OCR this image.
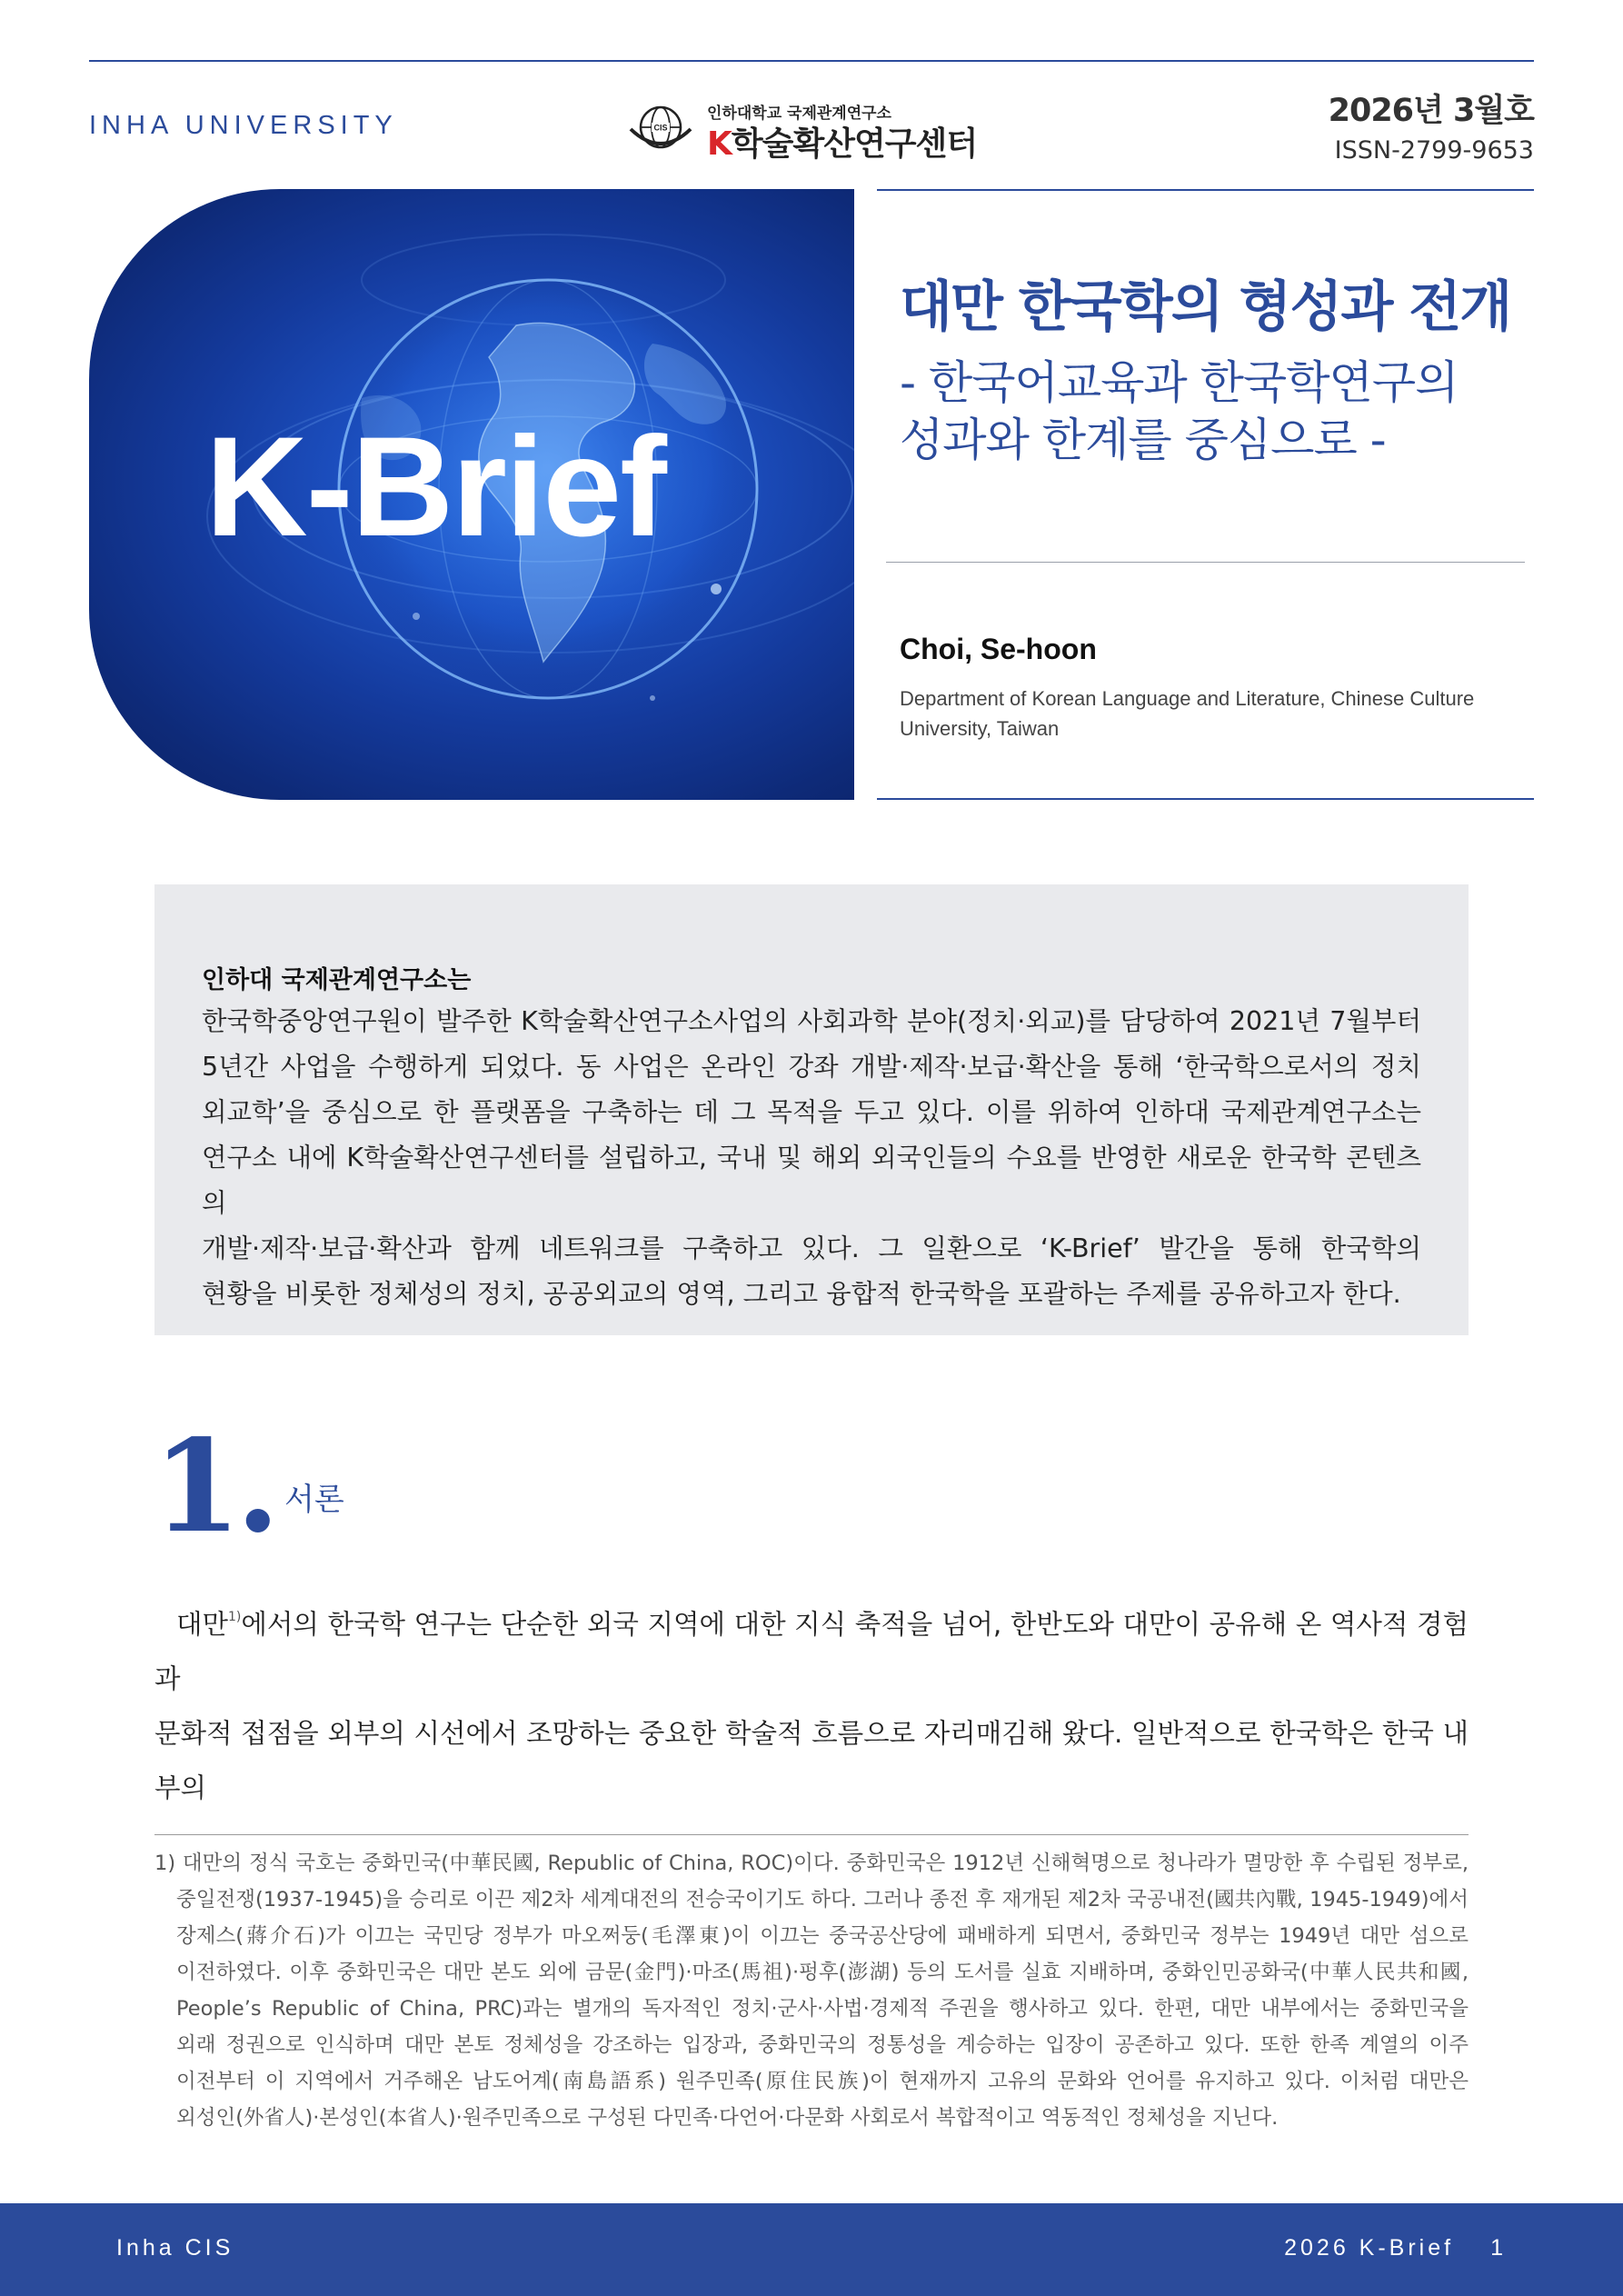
INHA UNIVERSITY	CIS
인하대학교 국제관계연구소
K학술확산연구센터
2026년 3월호
ISSN-2799-9653
K-Brief
대만 한국학의 형성과 전개
- 한국어교육과 한국학연구의
성과와 한계를 중심으로 -
Choi, Se-hoon
Department of Korean Language and Literature, Chinese Culture University, Taiwan
인하대 국제관계연구소는
한국학중앙연구원이 발주한 K학술확산연구소사업의 사회과학 분야(정치·외교)를 담당하여 2021년 7월부터
5년간 사업을 수행하게 되었다. 동 사업은 온라인 강좌 개발·제작·보급·확산을 통해 ‘한국학으로서의 정치
외교학’을 중심으로 한 플랫폼을 구축하는 데 그 목적을 두고 있다. 이를 위하여 인하대 국제관계연구소는
연구소 내에 K학술확산연구센터를 설립하고, 국내 및 해외 외국인들의 수요를 반영한 새로운 한국학 콘텐츠의
개발·제작·보급·확산과 함께 네트워크를 구축하고 있다. 그 일환으로 ‘K-Brief’ 발간을 통해 한국학의
현황을 비롯한 정체성의 정치, 공공외교의 영역, 그리고 융합적 한국학을 포괄하는 주제를 공유하고자 한다.
1. 서론

대만$^{1)}$에서의 한국학 연구는 단순한 외국 지역에 대한 지식 축적을 넘어, 한반도와 대만이 공유해 온 역사적 경험과

문화적 접점을 외부의 시선에서 조망하는 중요한 학술적 흐름으로 자리매김해 왔다. 일반적으로 한국학은 한국 내부의

1) 대만의 정식 국호는 중화민국(中華民國, Republic of China, ROC)이다. 중화민국은 1912년 신해혁명으로 청나라가 멸망한 후 수립된 정부로,
중일전쟁(1937-1945)을 승리로 이끈 제2차 세계대전의 전승국이기도 하다. 그러나 종전 후 재개된 제2차 국공내전(國共內戰, 1945-1949)에서
장제스(蔣介石)가 이끄는 국민당 정부가 마오쩌둥(毛澤東)이 이끄는 중국공산당에 패배하게 되면서, 중화민국 정부는 1949년 대만 섬으로
이전하였다. 이후 중화민국은 대만 본도 외에 금문(金門)·마조(馬祖)·펑후(澎湖) 등의 도서를 실효 지배하며, 중화인민공화국(中華人民共和國,
People’s Republic of China, PRC)과는 별개의 독자적인 정치·군사·사법·경제적 주권을 행사하고 있다. 한편, 대만 내부에서는 중화민국을
외래 정권으로 인식하며 대만 본토 정체성을 강조하는 입장과, 중화민국의 정통성을 계승하는 입장이 공존하고 있다. 또한 한족 계열의 이주
이전부터 이 지역에서 거주해온 남도어계(南島語系) 원주민족(原住民族)이 현재까지 고유의 문화와 언어를 유지하고 있다. 이처럼 대만은
외성인(外省人)·본성인(本省人)·원주민족으로 구성된 다민족·다언어·다문화 사회로서 복합적이고 역동적인 정체성을 지닌다.
Inha CIS	2026 K-Brief 1
